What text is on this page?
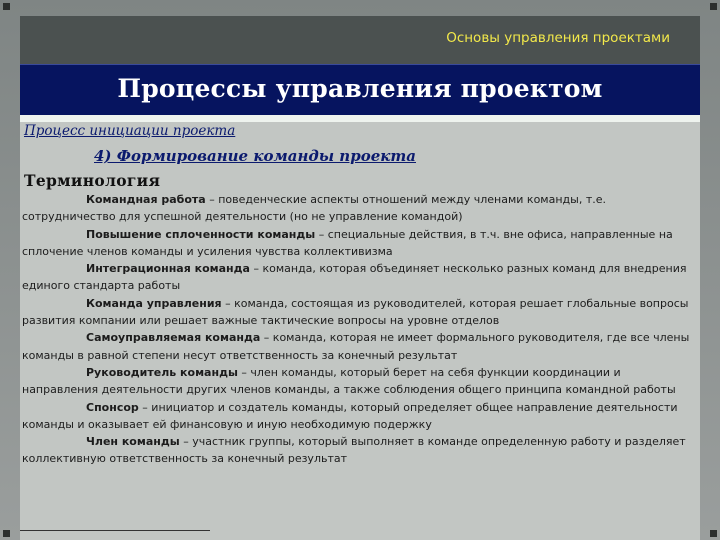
Основы управления проектами
Процессы управления проектом
Процесс инициации проекта
4) Формирование команды проекта
Терминология

Командная работа – поведенческие аспекты отношений между членами команды, т.е. сотрудничество для успешной деятельности (но не управление командой)

Повышение сплоченности команды – специальные действия, в т.ч. вне офиса, направленные на сплочение членов команды и усиления чувства коллективизма

Интеграционная команда – команда, которая объединяет несколько разных команд для внедрения единого стандарта работы

Команда управления – команда, состоящая из руководителей, которая решает глобальные вопросы развития компании или решает важные тактические вопросы на уровне отделов

Самоуправляемая команда – команда, которая не имеет формального руководителя, где все члены команды в равной степени несут ответственность за конечный результат

Руководитель команды – член команды, который берет на себя функции координации и направления деятельности других членов команды, а также соблюдения общего принципа командной работы

Спонсор – инициатор и создатель команды, который определяет общее направление деятельности команды и оказывает ей финансовую и иную необходимую подержку

Член команды – участник группы, который выполняет в команде определенную работу и разделяет коллективную ответственность за конечный результат
